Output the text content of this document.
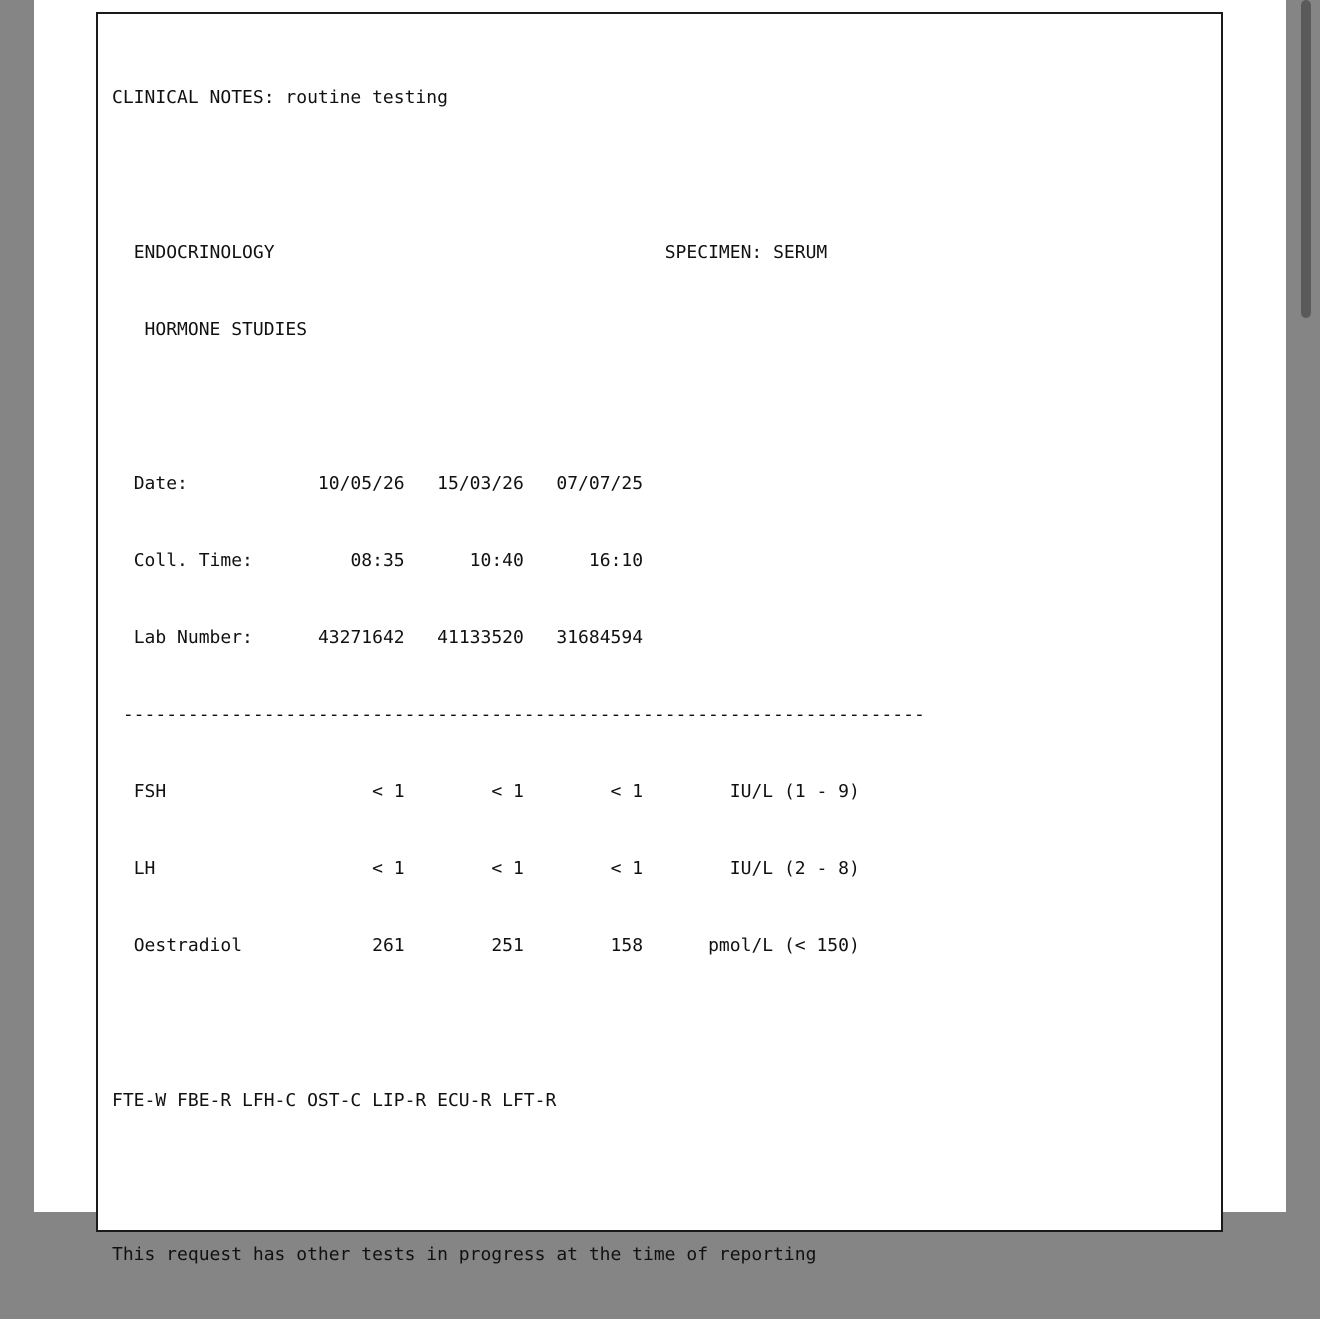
CLINICAL NOTES: routine testing

ENDOCRINOLOGY	SPECIMEN: SERUM

HORMONE STUDIES

Date:	10/05/26 15/03/26 07/07/25

Coll. Time:	08:35	10:40	16:10

Lab Number:	43271642 41133520 31684594

--------------------------------------------------------------------------

FSH	< 1	< 1	< 1	IU/L (1 - 9)

LH	< 1	< 1	< 1	IU/L (2 - 8)

Oestradiol	261	251	158	pmol/L (< 150)

FTE-W FBE-R LFH-C OST-C LIP-R ECU-R LFT-R

This request has other tests in progress at the time of reporting
